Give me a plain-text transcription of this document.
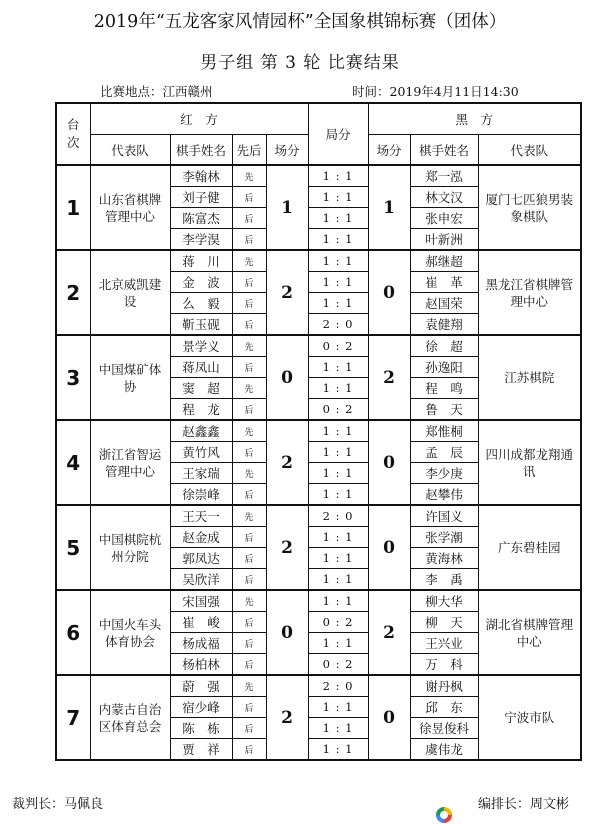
2019年“五龙客家风情园杯”全国象棋锦标赛（团体）
男子组 第 3 轮 比赛结果
比赛地点：江西赣州	时间：2019年4月11日14:30
台次	红　方				局分	黑　方		
	代表队	棋手姓名	先后	场分		场分	棋手姓名	代表队
1	山东省棋牌管理中心	李翰林	先	1	1 : 1	1	郑一泓	厦门七匹狼男装象棋队
		刘子健	后		1 : 1		林文汉	
		陈富杰	后		1 : 1		张申宏	
		李学淏	后		1 : 1		叶新洲	
2	北京威凯建设	蒋　川	先	2	1 : 1	0	郝继超	黑龙江省棋牌管理中心
		金　波	后		1 : 1		崔　革	
		么　毅	后		1 : 1		赵国荣	
		靳玉砚	后		2 : 0		袁健翔	
3	中国煤矿体协	景学义	先	0	0 : 2	2	徐　超	江苏棋院
		蒋凤山	后		1 : 1		孙逸阳	
		窦　超	先		1 : 1		程　鸣	
		程　龙	后		0 : 2		鲁　天	
4	浙江省智运管理中心	赵鑫鑫	先	2	1 : 1	0	郑惟桐	四川成都龙翔通讯
		黄竹风	后		1 : 1		孟　辰	
		王家瑞	先		1 : 1		李少庚	
		徐崇峰	后		1 : 1		赵攀伟	
5	中国棋院杭州分院	王天一	先	2	2 : 0	0	许国义	广东碧桂园
		赵金成	后		1 : 1		张学潮	
		郭凤达	后		1 : 1		黄海林	
		吴欣洋	后		1 : 1		李　禹	
6	中国火车头体育协会	宋国强	先	0	1 : 1	2	柳大华	湖北省棋牌管理中心
		崔　峻	后		0 : 2		柳　天	
		杨成福	后		1 : 1		王兴业	
		杨柏林	后		0 : 2		万　科	
7	内蒙古自治区体育总会	蔚　强	先	2	2 : 0	0	谢丹枫	宁波市队
		宿少峰	后		1 : 1		邱　东	
		陈　栋	后		1 : 1		徐昱俊科	
		贾　祥	后		1 : 1		虞伟龙	
裁判长：马佩良	编排长：周文彬
